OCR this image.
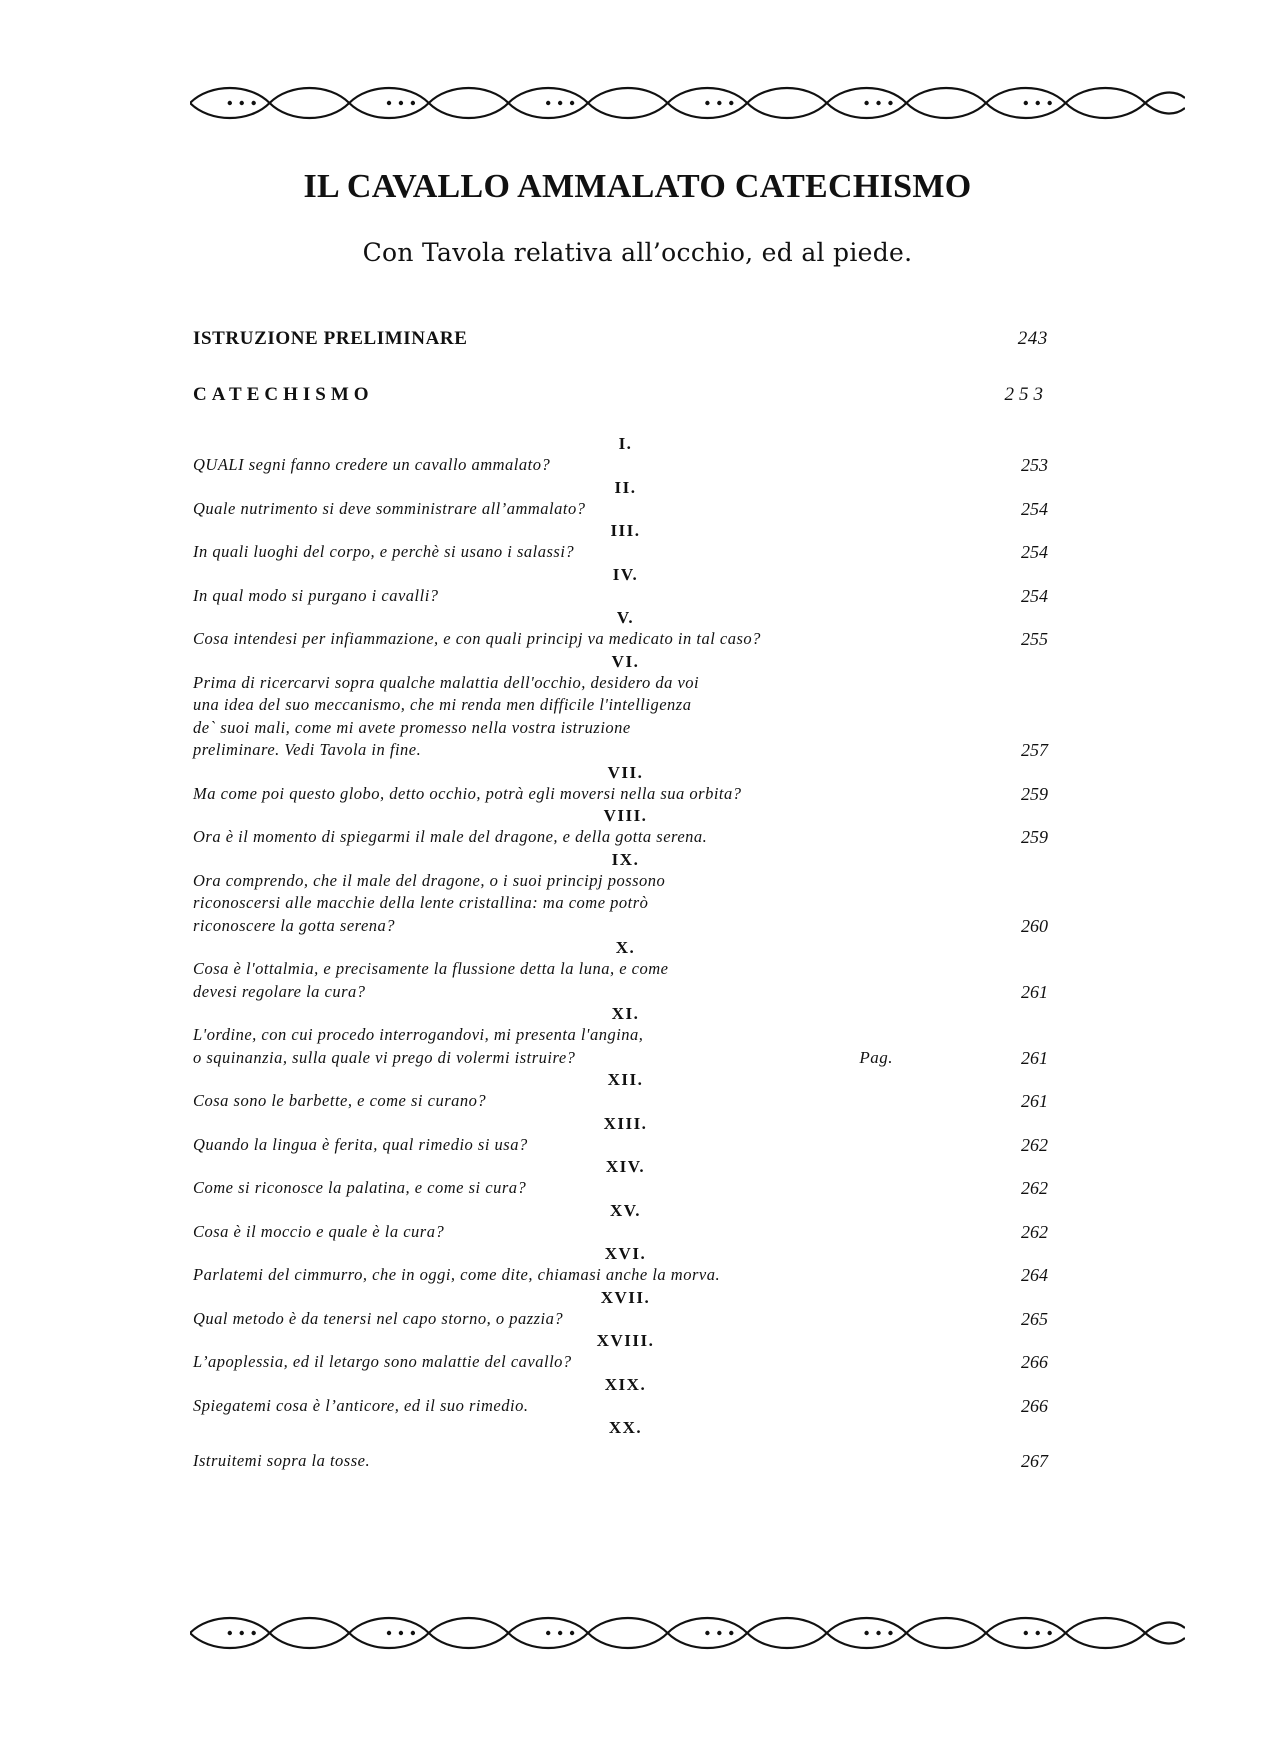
IL CAVALLO AMMALATO CATECHISMO
Con Tavola relativa all’occhio, ed al piede.
ISTRUZIONE PRELIMINARE	243
CATECHISMO	253
I.
QUALI segni fanno credere un cavallo ammalato?	253
II.
Quale nutrimento si deve somministrare all’ammalato?	254
III.
In quali luoghi del corpo, e perchè si usano i salassi?	254
IV.
In qual modo si purgano i cavalli?	254
V.
Cosa intendesi per infiammazione, e con quali principj va medicato in tal caso?	255
VI.
Prima di ricercarvi sopra qualche malattia dell'occhio, desidero da voi
una idea del suo meccanismo, che mi renda men difficile l'intelligenza
de` suoi mali, come mi avete promesso nella vostra istruzione
preliminare. Vedi Tavola in fine.	257
VII.
Ma come poi questo globo, detto occhio, potrà egli moversi nella sua orbita?	259
VIII.
Ora è il momento di spiegarmi il male del dragone, e della gotta serena.	259
IX.
Ora comprendo, che il male del dragone, o i suoi principj possono
riconoscersi alle macchie della lente cristallina: ma come potrò
riconoscere la gotta serena?	260
X.
Cosa è l'ottalmia, e precisamente la flussione detta la luna, e come
devesi regolare la cura?	261
XI.
L'ordine, con cui procedo interrogandovi, mi presenta l'angina,
o squinanzia, sulla quale vi prego di volermi istruire?	Pag.	261
XII.
Cosa sono le barbette, e come si curano?	261
XIII.
Quando la lingua è ferita, qual rimedio si usa?	262
XIV.
Come si riconosce la palatina, e come si cura?	262
XV.
Cosa è il moccio e quale è la cura?	262
XVI.
Parlatemi del cimmurro, che in oggi, come dite, chiamasi anche la morva.	264
XVII.
Qual metodo è da tenersi nel capo storno, o pazzia?	265
XVIII.
L’apoplessia, ed il letargo sono malattie del cavallo?	266
XIX.
Spiegatemi cosa è l’anticore, ed il suo rimedio.	266
XX.
Istruitemi sopra la tosse.	267
